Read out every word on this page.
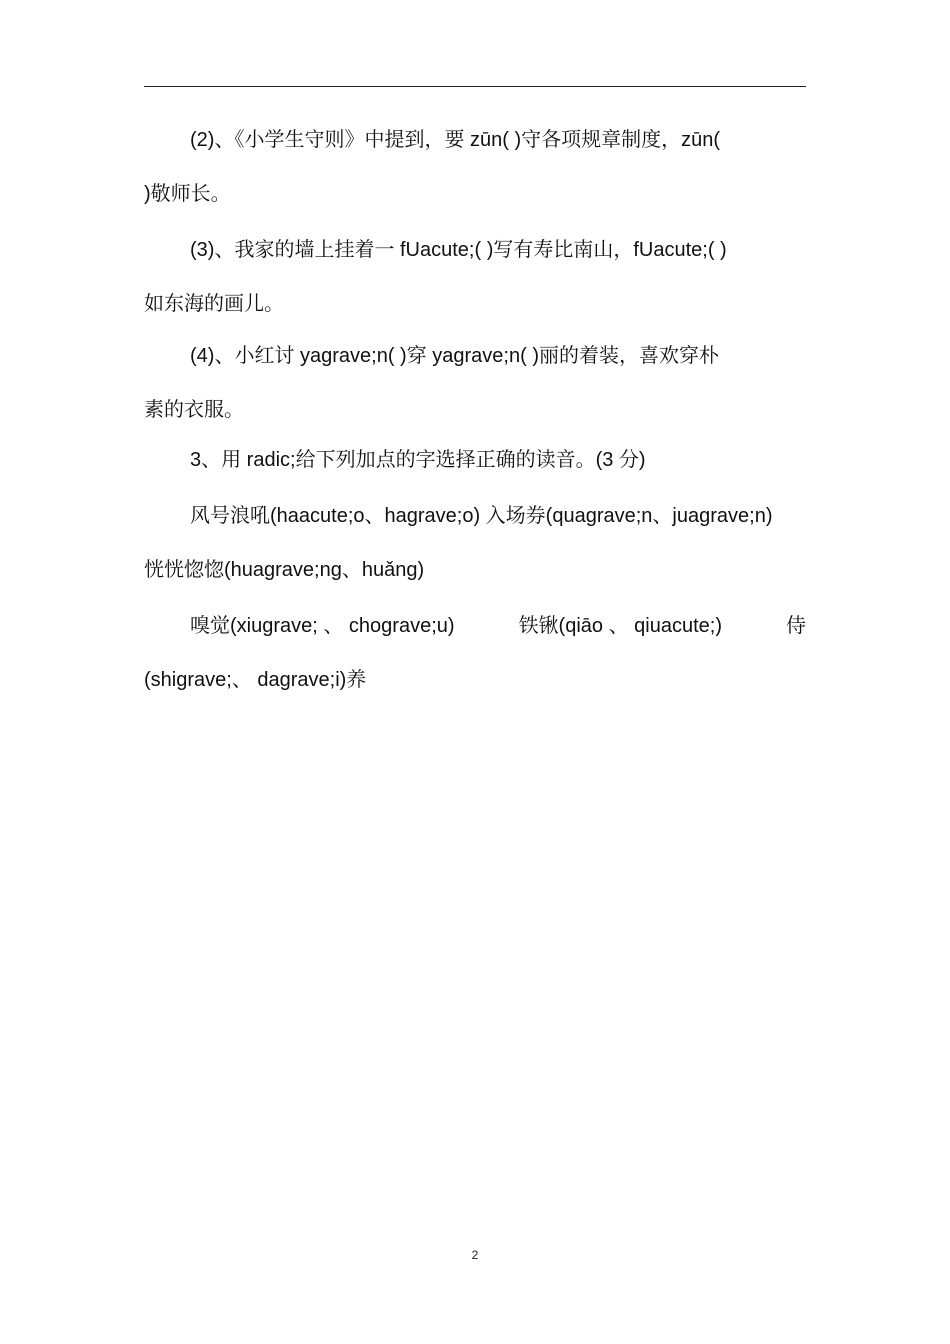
(2)、《小学生守则》中提到，要 zūn( )守各项规章制度，zūn(
)敬师长。
(3)、我家的墙上挂着一 fUacute;( )写有寿比南山，fUacute;( )
如东海的画儿。
(4)、小红讨 yagrave;n( )穿 yagrave;n( )丽的着装，喜欢穿朴
素的衣服。
3、用 radic;给下列加点的字选择正确的读音。(3 分)
风号浪吼(haacute;o、hagrave;o) 入场券(quagrave;n、juagrave;n)
恍恍惚惚(huagrave;ng、huǎng)
嗅觉(xiugrave; 、 chograve;u)	铁锹(qiāo 、 qiuacute;)	侍
(shigrave;、 dagrave;i)养
2
